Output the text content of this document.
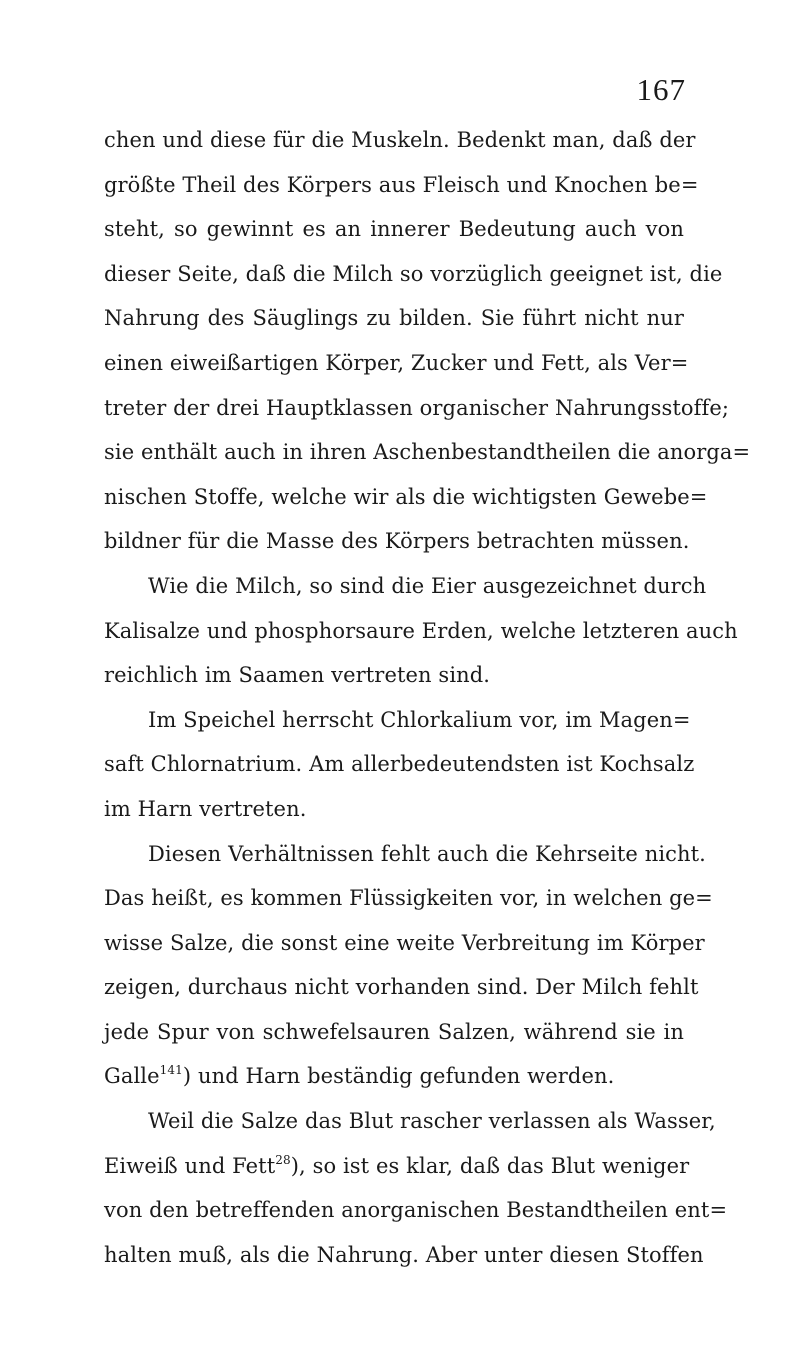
167
chen und diese für die Muskeln. Bedenkt man, daß der
größte Theil des Körpers aus Fleisch und Knochen be=
steht, so gewinnt es an innerer Bedeutung auch von
dieser Seite, daß die Milch so vorzüglich geeignet ist, die
Nahrung des Säuglings zu bilden. Sie führt nicht nur
einen eiweißartigen Körper, Zucker und Fett, als Ver=
treter der drei Hauptklassen organischer Nahrungsstoffe;
sie enthält auch in ihren Aschenbestandtheilen die anorga=
nischen Stoffe, welche wir als die wichtigsten Gewebe=
bildner für die Masse des Körpers betrachten müssen.
Wie die Milch, so sind die Eier ausgezeichnet durch
Kalisalze und phosphorsaure Erden, welche letzteren auch
reichlich im Saamen vertreten sind.
Im Speichel herrscht Chlorkalium vor, im Magen=
saft Chlornatrium. Am allerbedeutendsten ist Kochsalz
im Harn vertreten.
Diesen Verhältnissen fehlt auch die Kehrseite nicht.
Das heißt, es kommen Flüssigkeiten vor, in welchen ge=
wisse Salze, die sonst eine weite Verbreitung im Körper
zeigen, durchaus nicht vorhanden sind. Der Milch fehlt
jede Spur von schwefelsauren Salzen, während sie in
Galle$^{141}$) und Harn beständig gefunden werden.
Weil die Salze das Blut rascher verlassen als Wasser,
Eiweiß und Fett$^{28}$), so ist es klar, daß das Blut weniger
von den betreffenden anorganischen Bestandtheilen ent=
halten muß, als die Nahrung. Aber unter diesen Stoffen
